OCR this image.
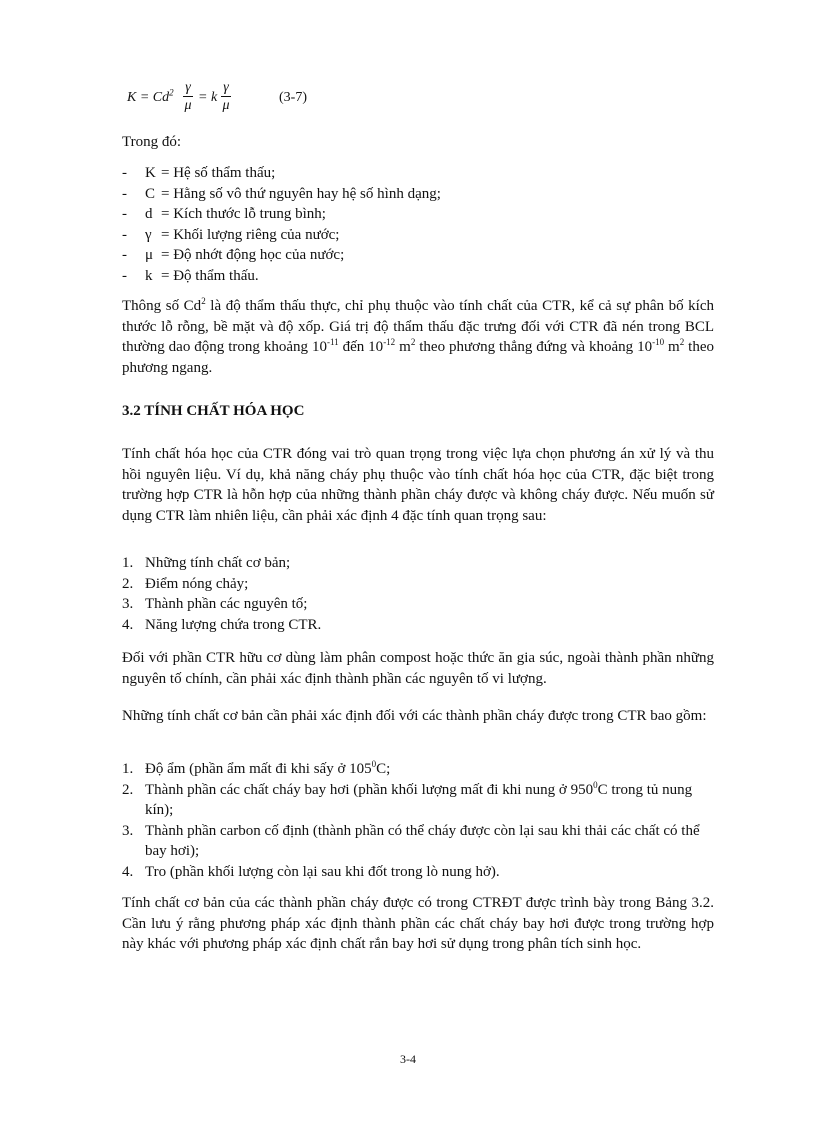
$K = Cd^2$ γ
μ
= k
γ
μ
(3-7)

Trong đó:

-	K = Hệ số thẩm thấu;
-	C = Hằng số vô thứ nguyên hay hệ số hình dạng;
-	d = Kích thước lỗ trung bình;
-	γ = Khối lượng riêng của nước;
-	μ = Độ nhớt động học của nước;
-	k = Độ thẩm thấu.

Thông số Cd$^2$ là độ thẩm thấu thực, chỉ phụ thuộc vào tính chất của CTR, kể cả sự phân bố kích thước lỗ rỗng, bề mặt và độ xốp. Giá trị độ thẩm thấu đặc trưng đối với CTR đã nén trong BCL thường dao động trong khoảng $10^{-11}$ đến $10^{-12}$ $m^2$ theo phương thẳng đứng và khoảng $10^{-10}$ $m^2$ theo phương ngang.

3.2 TÍNH CHẤT HÓA HỌC

Tính chất hóa học của CTR đóng vai trò quan trọng trong việc lựa chọn phương án xử lý và thu hồi nguyên liệu. Ví dụ, khả năng cháy phụ thuộc vào tính chất hóa học của CTR, đặc biệt trong trường hợp CTR là hỗn hợp của những thành phần cháy được và không cháy được. Nếu muốn sử dụng CTR làm nhiên liệu, cần phải xác định 4 đặc tính quan trọng sau:

1. Những tính chất cơ bản;
2. Điểm nóng chảy;
3. Thành phần các nguyên tố;
4. Năng lượng chứa trong CTR.

Đối với phần CTR hữu cơ dùng làm phân compost hoặc thức ăn gia súc, ngoài thành phần những nguyên tố chính, cần phải xác định thành phần các nguyên tố vi lượng.

Những tính chất cơ bản cần phải xác định đối với các thành phần cháy được trong CTR bao gồm:

1. Độ ẩm (phần ẩm mất đi khi sấy ở $105^0C$;
2. Thành phần các chất cháy bay hơi (phần khối lượng mất đi khi nung ở $950^0C$ trong tủ nung kín);
3. Thành phần carbon cố định (thành phần có thể cháy được còn lại sau khi thải các chất có thể bay hơi);
4. Tro (phần khối lượng còn lại sau khi đốt trong lò nung hở).

Tính chất cơ bản của các thành phần cháy được có trong CTRĐT được trình bày trong Bảng 3.2. Cần lưu ý rằng phương pháp xác định thành phần các chất cháy bay hơi được trong trường hợp này khác với phương pháp xác định chất rắn bay hơi sử dụng trong phân tích sinh học.

3-4
